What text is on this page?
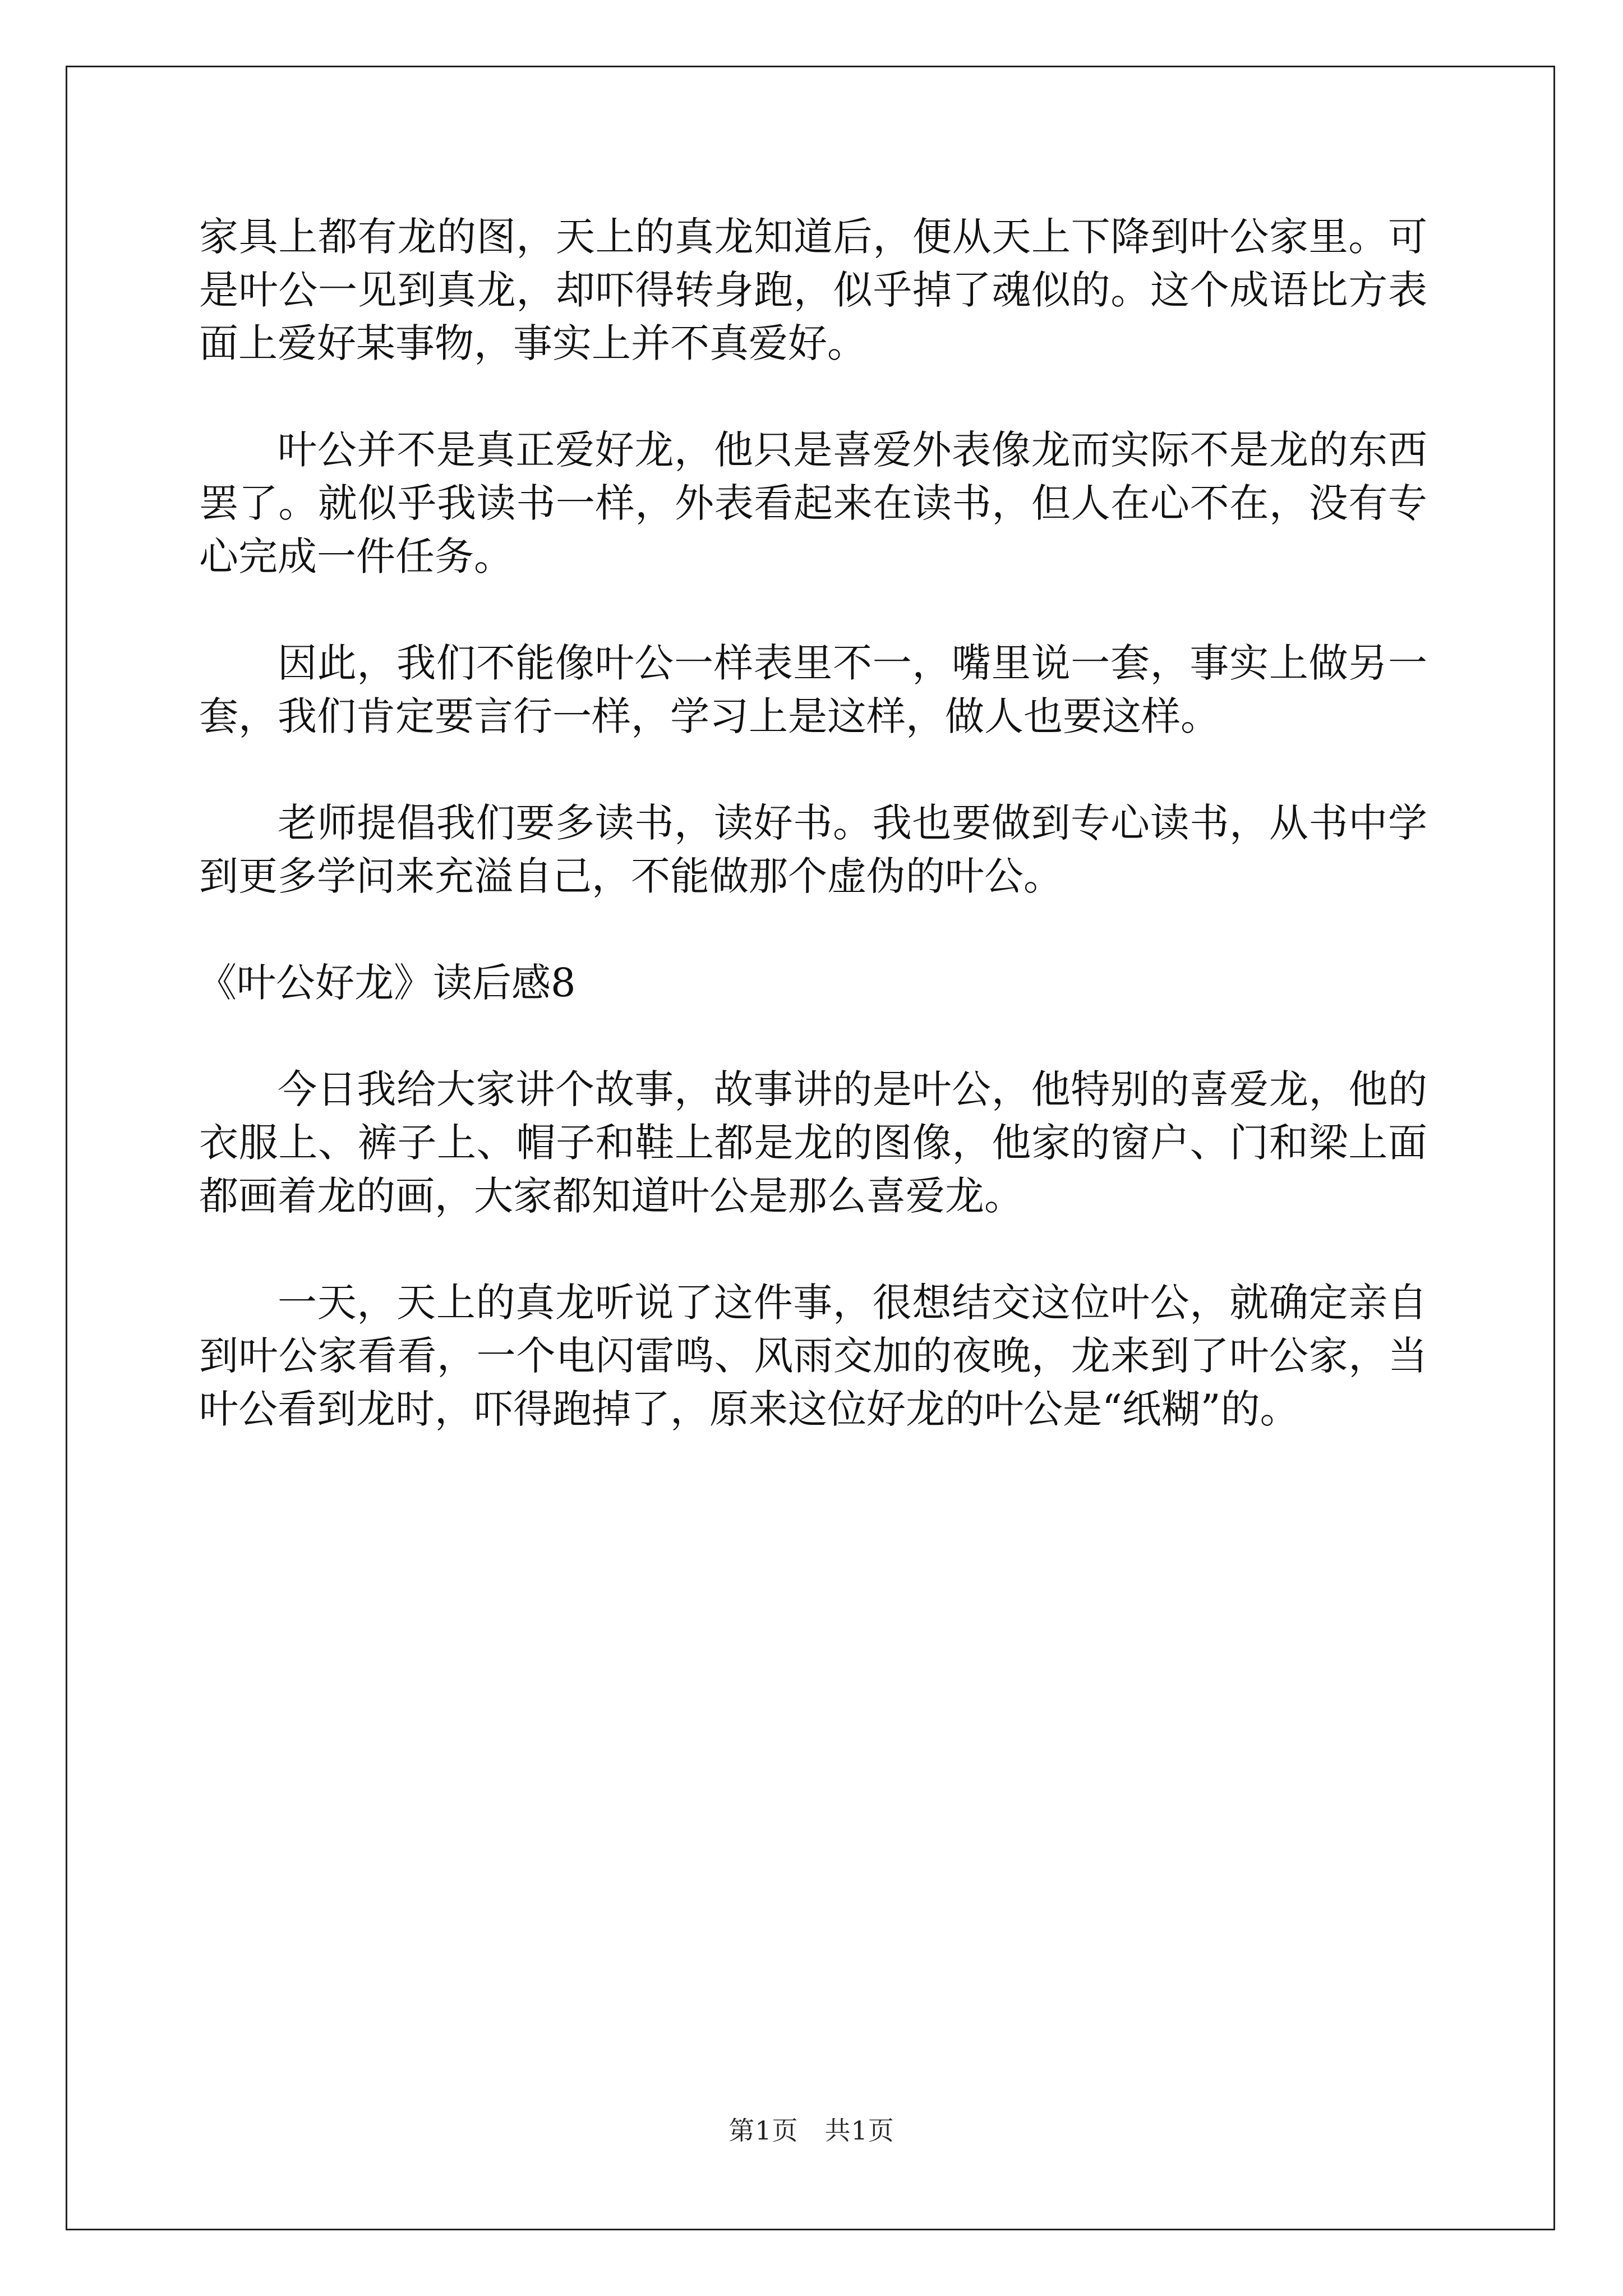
家具上都有龙的图，天上的真龙知道后，便从天上下降到叶公家里。可是叶公一见到真龙，却吓得转身跑，似乎掉了魂似的。这个成语比方表面上爱好某事物，事实上并不真爱好。

叶公并不是真正爱好龙，他只是喜爱外表像龙而实际不是龙的东西罢了。就似乎我读书一样，外表看起来在读书，但人在心不在，没有专心完成一件任务。

因此，我们不能像叶公一样表里不一，嘴里说一套，事实上做另一套，我们肯定要言行一样，学习上是这样，做人也要这样。

老师提倡我们要多读书，读好书。我也要做到专心读书，从书中学到更多学问来充溢自己，不能做那个虚伪的叶公。

《叶公好龙》读后感8

今日我给大家讲个故事，故事讲的是叶公，他特别的喜爱龙，他的衣服上、裤子上、帽子和鞋上都是龙的图像，他家的窗户、门和梁上面都画着龙的画，大家都知道叶公是那么喜爱龙。

一天，天上的真龙听说了这件事，很想结交这位叶公，就确定亲自到叶公家看看，一个电闪雷鸣、风雨交加的夜晚，龙来到了叶公家，当叶公看到龙时，吓得跑掉了，原来这位好龙的叶公是“纸糊”的。

第1页 共1页
